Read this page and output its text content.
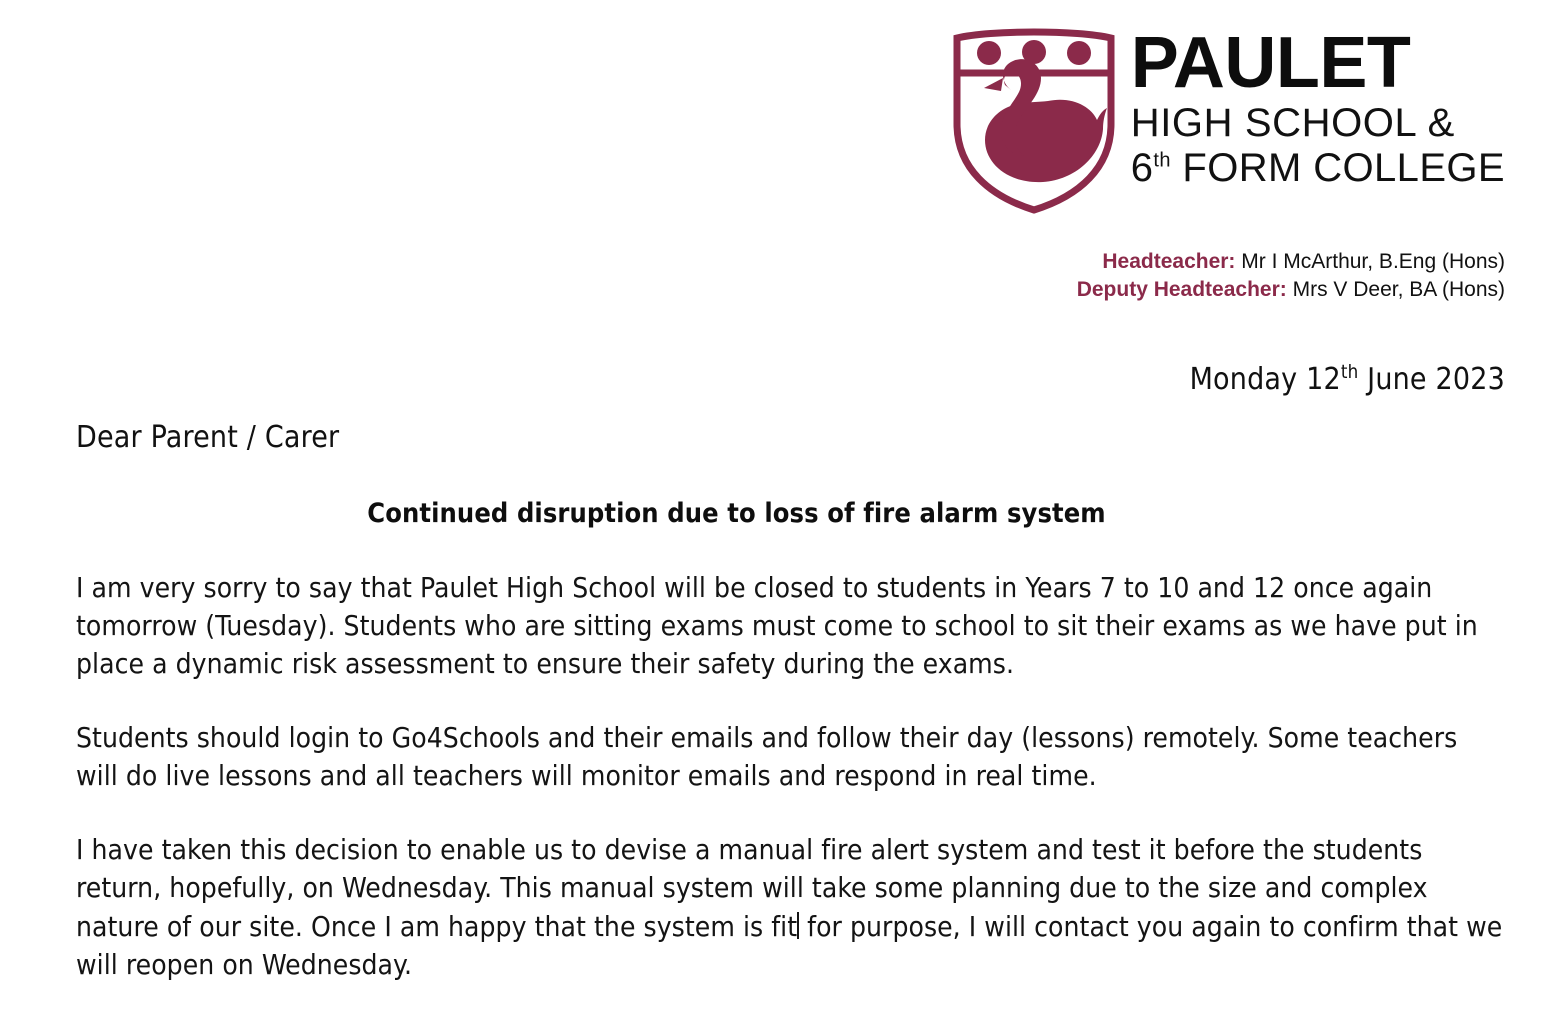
PAULET
HIGH SCHOOL &
6th FORM COLLEGE
Headteacher: Mr I McArthur, B.Eng (Hons)
Deputy Headteacher: Mrs V Deer, BA (Hons)
Monday 12th June 2023
Dear Parent / Carer
Continued disruption due to loss of fire alarm system

I am very sorry to say that Paulet High School will be closed to students in Years 7 to 10 and 12 once again tomorrow (Tuesday). Students who are sitting exams must come to school to sit their exams as we have put in place a dynamic risk assessment to ensure their safety during the exams.

Students should login to Go4Schools and their emails and follow their day (lessons) remotely. Some teachers will do live lessons and all teachers will monitor emails and respond in real time.

I have taken this decision to enable us to devise a manual fire alert system and test it before the students return, hopefully, on Wednesday. This manual system will take some planning due to the size and complex nature of our site. Once I am happy that the system is fit for purpose, I will contact you again to confirm that we will reopen on Wednesday.
